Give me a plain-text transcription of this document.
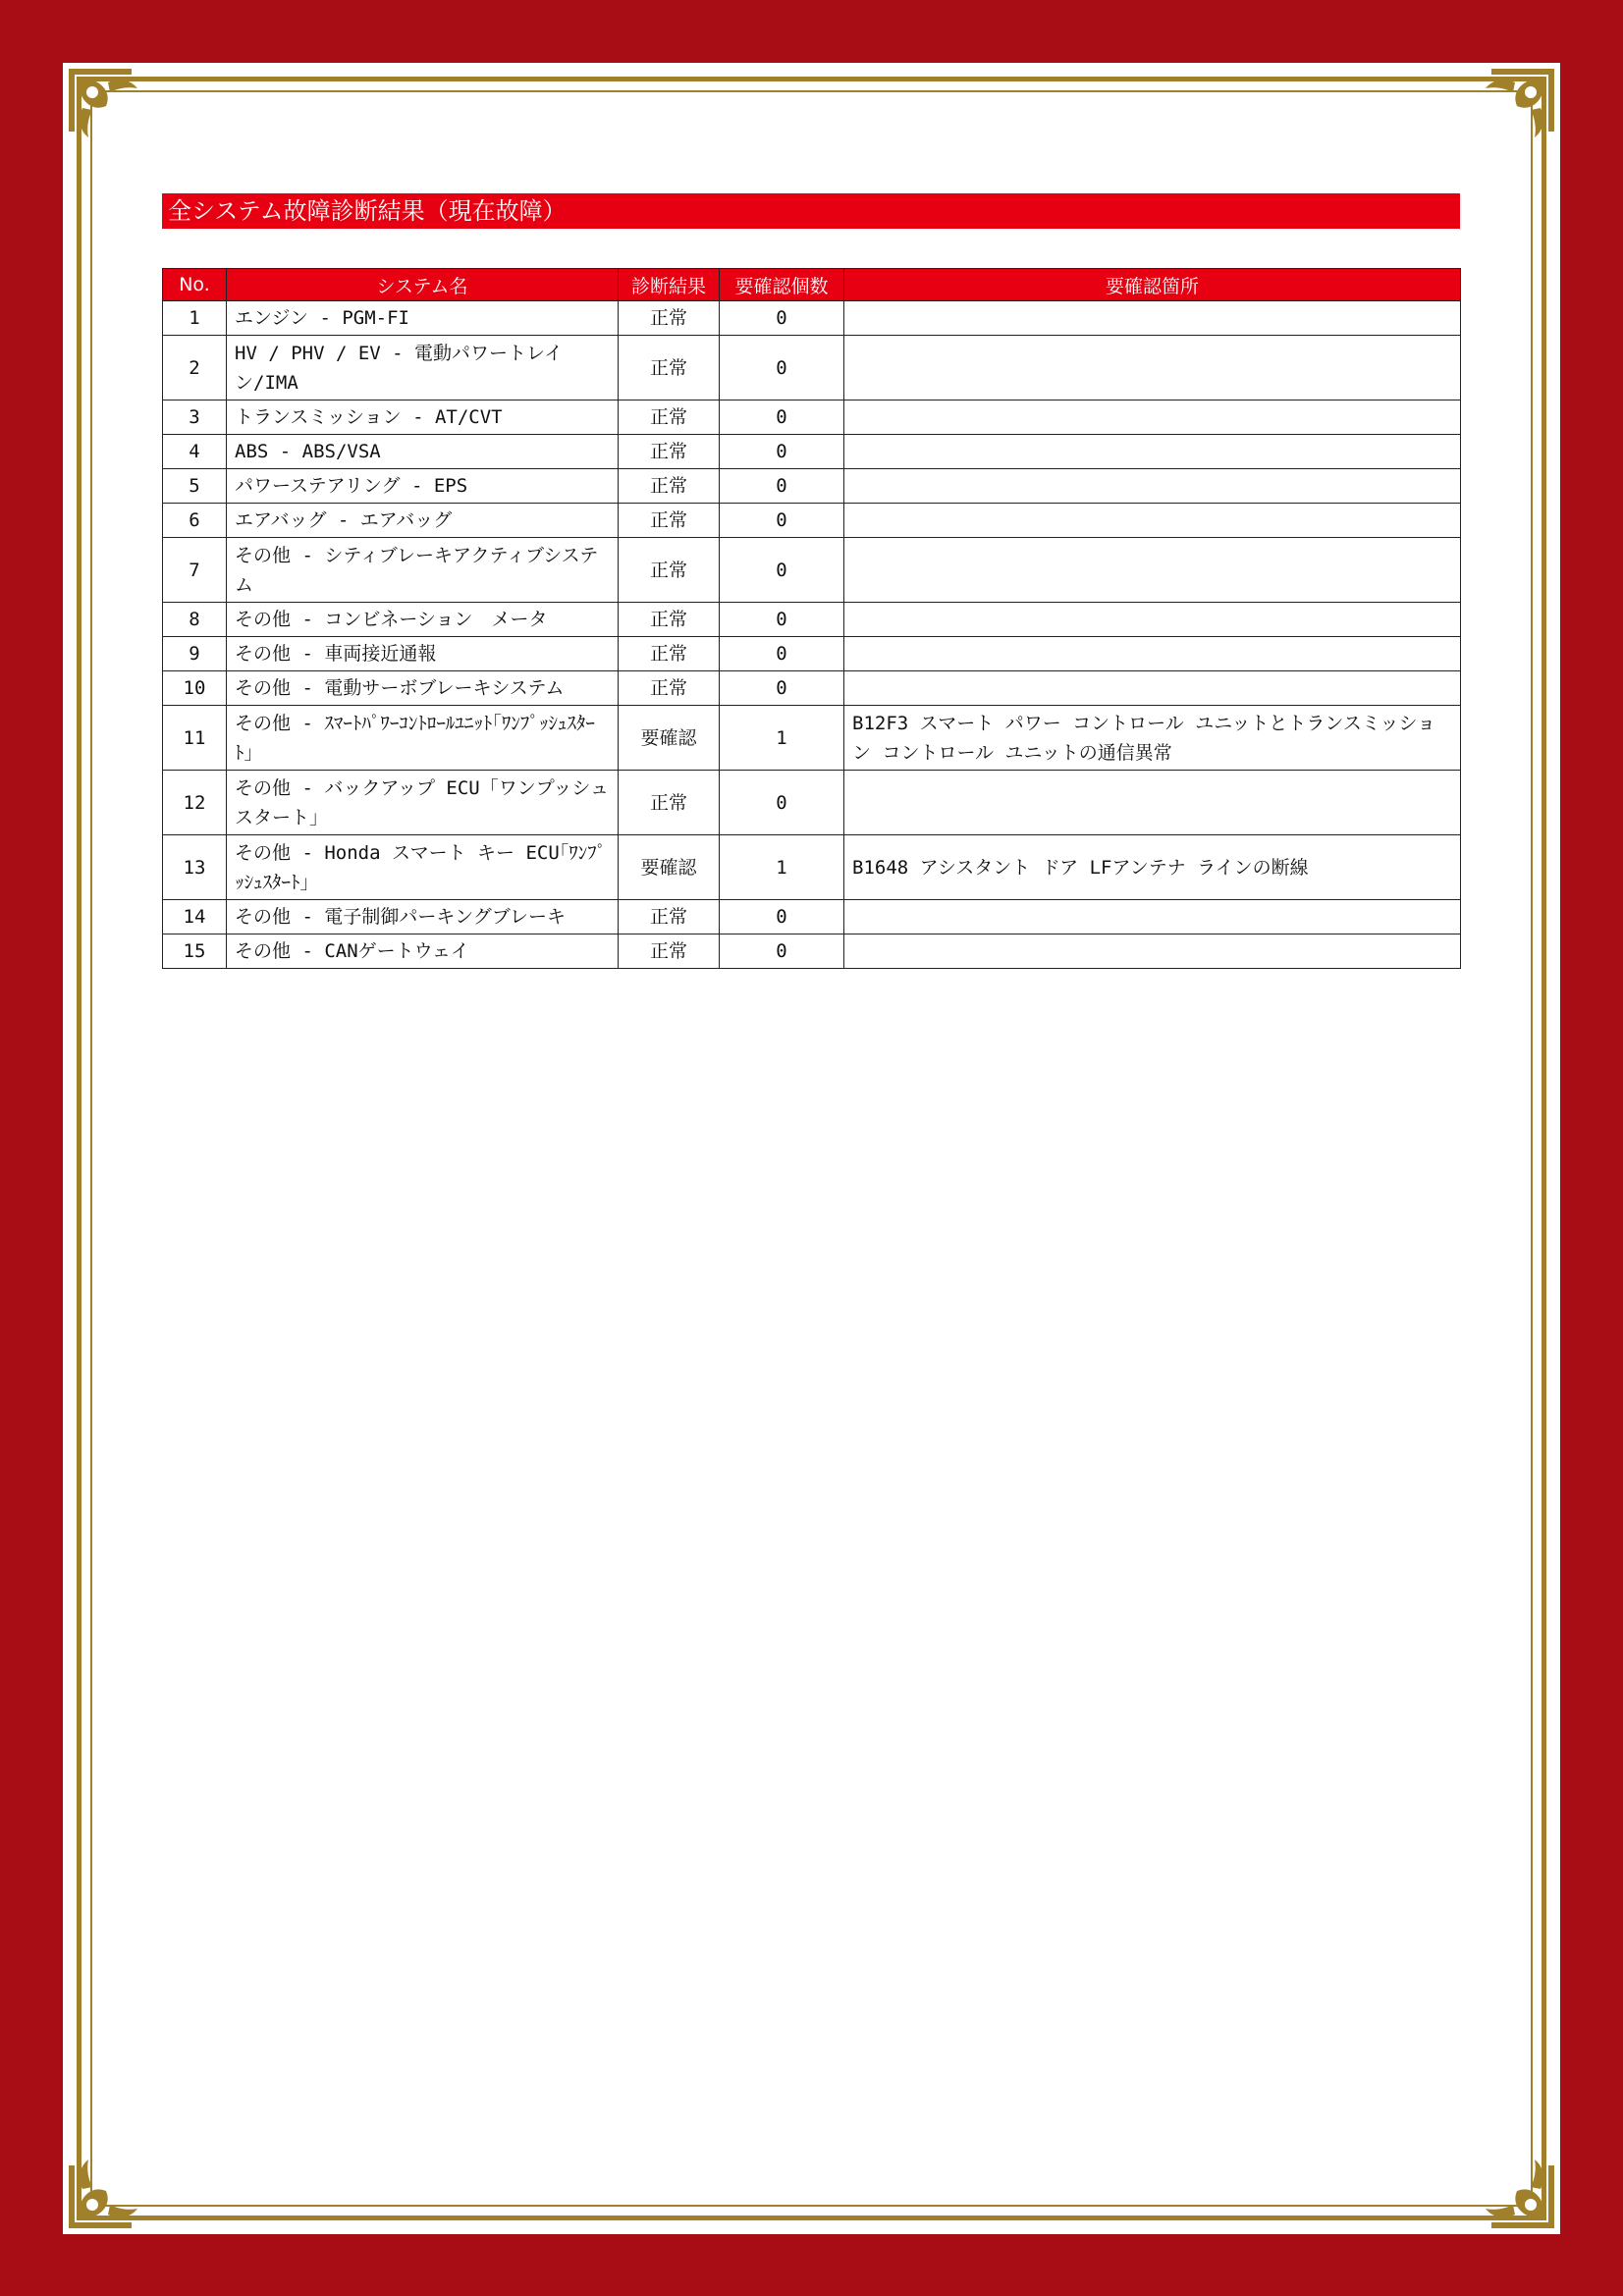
全システム故障診断結果（現在故障）
No.	システム名	診断結果	要確認個数	要確認箇所
1	エンジン - PGM-FI	正常	0	
2	HV / PHV / EV - 電動パワートレイン/IMA	正常	0	
3	トランスミッション - AT/CVT	正常	0	
4	ABS - ABS/VSA	正常	0	
5	パワーステアリング - EPS	正常	0	
6	エアバッグ - エアバッグ	正常	0	
7	その他 - シティブレーキアクティブシステム	正常	0	
8	その他 - コンビネーション　メータ	正常	0	
9	その他 - 車両接近通報	正常	0	
10	その他 - 電動サーボブレーキシステム	正常	0	
11	その他 - ｽﾏｰﾄﾊﾟﾜｰｺﾝﾄﾛｰﾙﾕﾆｯﾄ｢ﾜﾝﾌﾟｯｼｭｽﾀｰﾄ｣	要確認	1	B12F3 スマート パワー コントロール ユニットとトランスミッション コントロール ユニットの通信異常
12	その他 - バックアップ ECU「ワンプッシュスタート」	正常	0	
13	その他 - Honda スマート キー ECU｢ﾜﾝﾌﾟｯｼｭｽﾀｰﾄ｣	要確認	1	B1648 アシスタント ドア LFアンテナ ラインの断線
14	その他 - 電子制御パーキングブレーキ	正常	0	
15	その他 - CANゲートウェイ	正常	0	
